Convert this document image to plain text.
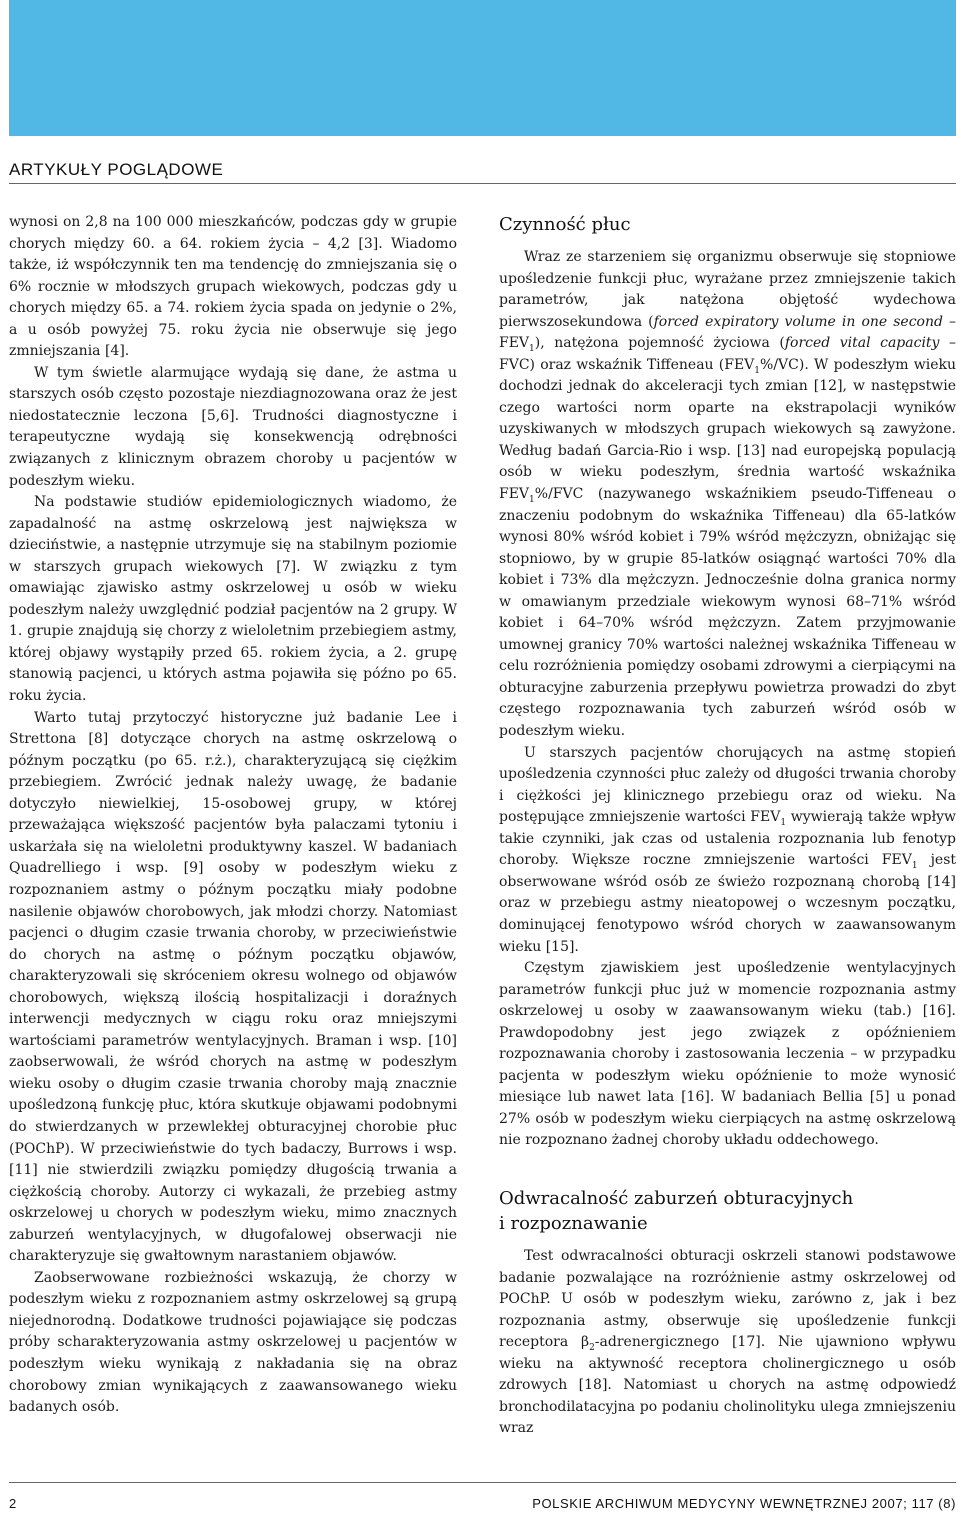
ARTYKUŁY POGLĄDOWE

wynosi on 2,8 na 100 000 mieszkańców, podczas gdy w grupie chorych między 60. a 64. rokiem życia – 4,2 [3]. Wiadomo także, iż współczynnik ten ma tendencję do zmniejszania się o 6% rocznie w młodszych grupach wiekowych, podczas gdy u chorych między 65. a 74. rokiem życia spada on jedynie o 2%, a u osób powyżej 75. roku życia nie obserwuje się jego zmniejszania [4].

W tym świetle alarmujące wydają się dane, że astma u starszych osób często pozostaje niezdiagnozowana oraz że jest niedostatecznie leczona [5,6]. Trudności diagnostyczne i terapeutyczne wydają się konsekwencją odrębności związanych z klinicznym obrazem choroby u pacjentów w podeszłym wieku.

Na podstawie studiów epidemiologicznych wiadomo, że zapadalność na astmę oskrzelową jest największa w dzieciństwie, a następnie utrzymuje się na stabilnym poziomie w starszych grupach wiekowych [7]. W związku z tym omawiając zjawisko astmy oskrzelowej u osób w wieku podeszłym należy uwzględnić podział pacjentów na 2 grupy. W 1. grupie znajdują się chorzy z wieloletnim przebiegiem astmy, której objawy wystąpiły przed 65. rokiem życia, a 2. grupę stanowią pacjenci, u których astma pojawiła się późno po 65. roku życia.

Warto tutaj przytoczyć historyczne już badanie Lee i Strettona [8] dotyczące chorych na astmę oskrzelową o późnym początku (po 65. r.ż.), charakteryzującą się ciężkim przebiegiem. Zwrócić jednak należy uwagę, że badanie dotyczyło niewielkiej, 15-osobowej grupy, w której przeważająca większość pacjentów była palaczami tytoniu i uskarżała się na wieloletni produktywny kaszel. W badaniach Quadrelliego i wsp. [9] osoby w podeszłym wieku z rozpoznaniem astmy o późnym początku miały podobne nasilenie objawów chorobowych, jak młodzi chorzy. Natomiast pacjenci o długim czasie trwania choroby, w przeciwieństwie do chorych na astmę o późnym początku objawów, charakteryzowali się skróceniem okresu wolnego od objawów chorobowych, większą ilością hospitalizacji i doraźnych interwencji medycznych w ciągu roku oraz mniejszymi wartościami parametrów wentylacyjnych. Braman i wsp. [10] zaobserwowali, że wśród chorych na astmę w podeszłym wieku osoby o długim czasie trwania choroby mają znacznie upośledzoną funkcję płuc, która skutkuje objawami podobnymi do stwierdzanych w przewlekłej obturacyjnej chorobie płuc (POChP). W przeciwieństwie do tych badaczy, Burrows i wsp. [11] nie stwierdzili związku pomiędzy długością trwania a ciężkością choroby. Autorzy ci wykazali, że przebieg astmy oskrzelowej u chorych w podeszłym wieku, mimo znacznych zaburzeń wentylacyjnych, w długofalowej obserwacji nie charakteryzuje się gwałtownym narastaniem objawów.

Zaobserwowane rozbieżności wskazują, że chorzy w podeszłym wieku z rozpoznaniem astmy oskrzelowej są grupą niejednorodną. Dodatkowe trudności pojawiające się podczas próby scharakteryzowania astmy oskrzelowej u pacjentów w podeszłym wieku wynikają z nakładania się na obraz chorobowy zmian wynikających z zaawansowanego wieku badanych osób.

Czynność płuc

Wraz ze starzeniem się organizmu obserwuje się stopniowe upośledzenie funkcji płuc, wyrażane przez zmniejszenie takich parametrów, jak natężona objętość wydechowa pierwszosekundowa (forced expiratory volume in one second – $FEV_1$), natężona pojemność życiowa (forced vital capacity – FVC) oraz wskaźnik Tiffeneau $(FEV_1\%/VC)$. W podeszłym wieku dochodzi jednak do akceleracji tych zmian [12], w następstwie czego wartości norm oparte na ekstrapolacji wyników uzyskiwanych w młodszych grupach wiekowych są zawyżone. Według badań Garcia-Rio i wsp. [13] nad europejską populacją osób w wieku podeszłym, średnia wartość wskaźnika $FEV_1\%$/FVC (nazywanego wskaźnikiem pseudo-Tiffeneau o znaczeniu podobnym do wskaźnika Tiffeneau) dla 65-latków wynosi 80% wśród kobiet i 79% wśród mężczyzn, obniżając się stopniowo, by w grupie 85-latków osiągnąć wartości 70% dla kobiet i 73% dla mężczyzn. Jednocześnie dolna granica normy w omawianym przedziale wiekowym wynosi 68–71% wśród kobiet i 64–70% wśród mężczyzn. Zatem przyjmowanie umownej granicy 70% wartości należnej wskaźnika Tiffeneau w celu rozróżnienia pomiędzy osobami zdrowymi a cierpiącymi na obturacyjne zaburzenia przepływu powietrza prowadzi do zbyt częstego rozpoznawania tych zaburzeń wśród osób w podeszłym wieku.

U starszych pacjentów chorujących na astmę stopień upośledzenia czynności płuc zależy od długości trwania choroby i ciężkości jej klinicznego przebiegu oraz od wieku. Na postępujące zmniejszenie wartości $FEV_1$ wywierają także wpływ takie czynniki, jak czas od ustalenia rozpoznania lub fenotyp choroby. Większe roczne zmniejszenie wartości $FEV_1$ jest obserwowane wśród osób ze świeżo rozpoznaną chorobą [14] oraz w przebiegu astmy nieatopowej o wczesnym początku, dominującej fenotypowo wśród chorych w zaawansowanym wieku [15].

Częstym zjawiskiem jest upośledzenie wentylacyjnych parametrów funkcji płuc już w momencie rozpoznania astmy oskrzelowej u osoby w zaawansowanym wieku (tab.) [16]. Prawdopodobny jest jego związek z opóźnieniem rozpoznawania choroby i zastosowania leczenia – w przypadku pacjenta w podeszłym wieku opóźnienie to może wynosić miesiące lub nawet lata [16]. W badaniach Bellia [5] u ponad 27% osób w podeszłym wieku cierpiących na astmę oskrzelową nie rozpoznano żadnej choroby układu oddechowego.

Odwracalność zaburzeń obturacyjnych
i rozpoznawanie

Test odwracalności obturacji oskrzeli stanowi podstawowe badanie pozwalające na rozróżnienie astmy oskrzelowej od POChP. U osób w podeszłym wieku, zarówno z, jak i bez rozpoznania astmy, obserwuje się upośledzenie funkcji receptora $\beta_2$-adrenergicznego [17]. Nie ujawniono wpływu wieku na aktywność receptora cholinergicznego u osób zdrowych [18]. Natomiast u chorych na astmę odpowiedź bronchodilatacyjna po podaniu cholinolityku ulega zmniejszeniu wraz

2	POLSKIE ARCHIWUM MEDYCYNY WEWNĘTRZNEJ 2007; 117 (8)
